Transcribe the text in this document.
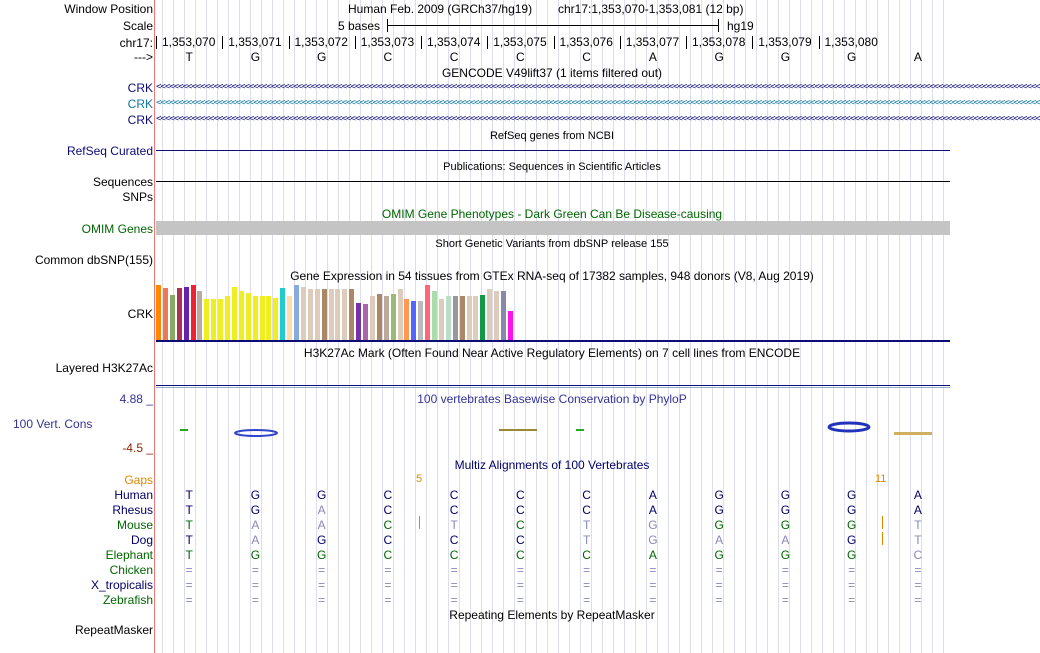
Window Position	Human Feb. 2009 (GRCh37/hg19) chr17:1,353,070-1,353,081 (12 bp)
Scale	5 bases	hg19
chr17: 1,353,070 1,353,071 1,353,072 1,353,073 1,353,074 1,353,075 1,353,076 1,353,077 1,353,078 1,353,079 1,353,080
--->	T	G	G	C	C	C	C	A	G	G	G	A
GENCODE V49lift37 (1 items filtered out)
CRK <<<<<<<<<<<<<<<<<<<<<<<<<<<<<<<<<<<<<<<<<<<<<<<<<<<<<<<<<<<<<<<<<<<<<<<<<<<<<<<<<<<<<<<<<<<<<<<<<<<<<<<<<<<<<<<<<<<<<<<<<<<<<<<<<<<<<<<<<<<<<<<<<<<<<<<<<<<<<<<<<<<<<<<<<<<<<<<<<<<<<<<<<<<<<<<<<<<<<<<<
CRK <<<<<<<<<<<<<<<<<<<<<<<<<<<<<<<<<<<<<<<<<<<<<<<<<<<<<<<<<<<<<<<<<<<<<<<<<<<<<<<<<<<<<<<<<<<<<<<<<<<<<<<<<<<<<<<<<<<<<<<<<<<<<<<<<<<<<<<<<<<<<<<<<<<<<<<<<<<<<<<<<<<<<<<<<<<<<<<<<<<<<<<<<<<<<<<<<<<<<<<<
CRK <<<<<<<<<<<<<<<<<<<<<<<<<<<<<<<<<<<<<<<<<<<<<<<<<<<<<<<<<<<<<<<<<<<<<<<<<<<<<<<<<<<<<<<<<<<<<<<<<<<<<<<<<<<<<<<<<<<<<<<<<<<<<<<<<<<<<<<<<<<<<<<<<<<<<<<<<<<<<<<<<<<<<<<<<<<<<<<<<<<<<<<<<<<<<<<<<<<<<<<<
RefSeq genes from NCBI
RefSeq Curated
Publications: Sequences in Scientific Articles
Sequences
SNPs
OMIM Gene Phenotypes - Dark Green Can Be Disease-causing
OMIM Genes
Short Genetic Variants from dbSNP release 155
Common dbSNP(155)
Gene Expression in 54 tissues from GTEx RNA-seq of 17382 samples, 948 donors (V8, Aug 2019)
CRK
H3K27Ac Mark (Often Found Near Active Regulatory Elements) on 7 cell lines from ENCODE
Layered H3K27Ac
100 vertebrates Basewise Conservation by PhyloP
4.88 _
100 Vert. Cons
-4.5 _
Multiz Alignments of 100 Vertebrates
Gaps	5	11
Human	T	G	G	C	C	C	C	A	G	G	G	A
Rhesus	T	G	A	C	C	C	C	A	G	G	G	A
Mouse	T	A	A	C	T	C	T	G	G	G	G	T
Dog	T	A	G	C	C	C	T	G	A	A	G	T
Elephant	T	G	G	C	C	C	C	A	G	G	G	C
Chicken	=	=	=	=	=	=	=	=	=	=	=	=
X_tropicalis	=	=	=	=	=	=	=	=	=	=	=	=
Zebrafish	=	=	=	=	=	=	=	=	=	=	=	=
Repeating Elements by RepeatMasker
RepeatMasker
